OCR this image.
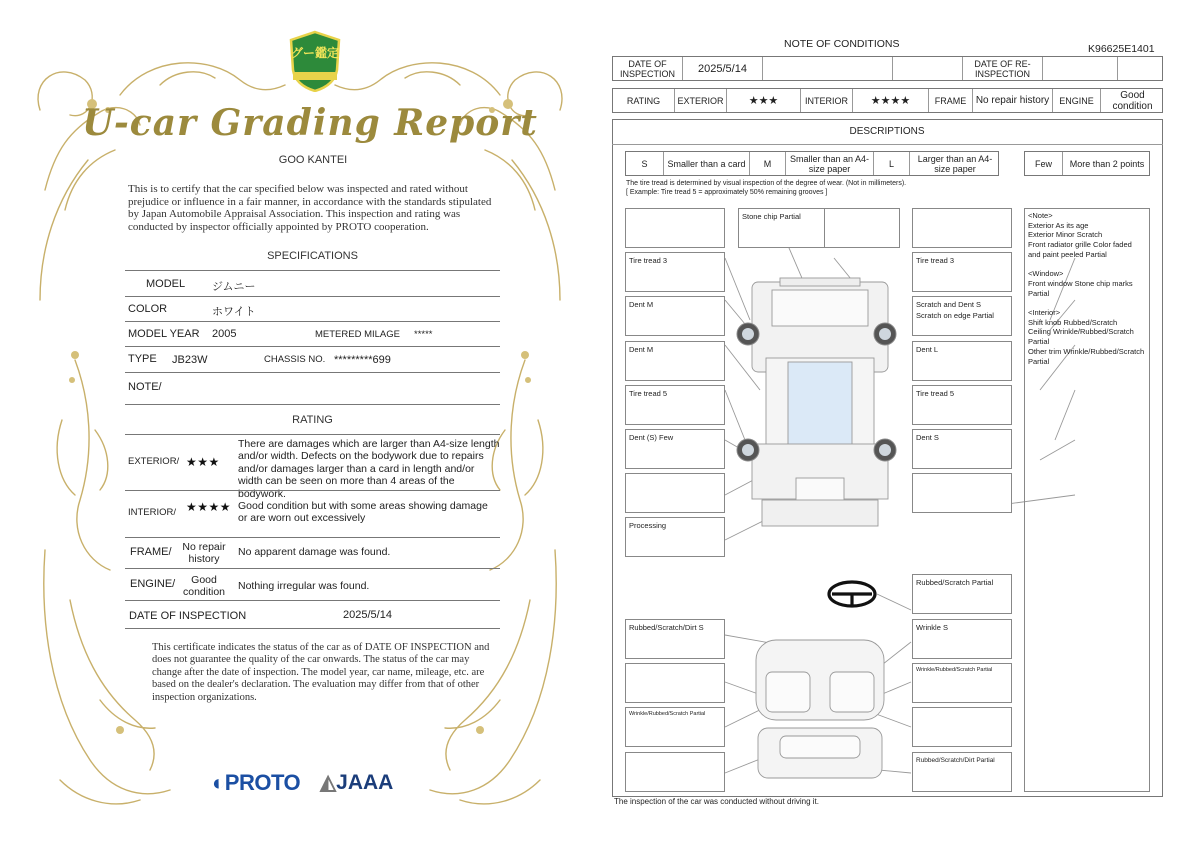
グー鑑定
U-car Grading Report
GOO KANTEI
This is to certify that the car specified below was inspected and rated without prejudice or influence in a fair manner, in accordance with the standards stipulated by Japan Automobile Appraisal Association. This inspection and rating was conducted by inspector officially appointed by PROTO cooperation.
SPECIFICATIONS
MODEL ジムニー
COLOR	ホワイト
MODEL YEAR 2005	METERED MILAGE *****
TYPE JB23W	CHASSIS NO. *********699
NOTE/
RATING
EXTERIOR/ ★★★
There are damages which are larger than A4-size length and/or width. Defects on the bodywork due to repairs and/or damages larger than a card in length and/or width can be seen on more than 4 areas of the bodywork.
INTERIOR/ ★★★★ Good condition but with some areas showing damage or are worn out excessively
FRAME/	No repair history
No apparent damage was found.
ENGINE/	Good condition
Nothing irregular was found.
DATE OF INSPECTION	2025/5/14
This certificate indicates the status of the car as of DATE OF INSPECTION and does not guarantee the quality of the car onwards. The status of the car may change after the date of inspection. The model year, car name, mileage, etc. are based on the dealer's declaration. The evaluation may differ from that of other inspection organizations.
◐PROTO ◭JAAA
NOTE OF CONDITIONS	K96625E1401
DATE OF INSPECTION	2025/5/14	DATE OF RE-INSPECTION
RATING	EXTERIOR	★★★	INTERIOR	★★★★	FRAME No repair history	ENGINE	Good condition
DESCRIPTIONS
S	Smaller than a card	M	Smaller than an A4-size paper	L	Larger than an A4-size paper	Few	More than 2 points
The tire tread is determined by visual inspection of the degree of wear. (Not in millimeters).
[ Example: Tire tread 5 = approximately 50% remaining grooves ]
Stone chip Partial
Tire tread 3	Tire tread 3
Dent M	Scratch and Dent S Scratch on edge Partial
Dent M	Dent L
Tire tread 5	Tire tread 5
Dent (S) Few	Dent S
Processing
Rubbed/Scratch Partial
Rubbed/Scratch/Dirt S	Wrinkle S
Wrinkle/Rubbed/Scratch Partial
Wrinkle/Rubbed/Scratch Partial
Rubbed/Scratch/Dirt Partial

<Note>
Exterior As its age
Exterior Minor Scratch
Front radiator grille Color faded and paint peeled Partial

<Window>
Front window Stone chip marks Partial

<Interior>
Shift knob Rubbed/Scratch
Ceiling Wrinkle/Rubbed/Scratch Partial
Other trim Wrinkle/Rubbed/Scratch Partial

The inspection of the car was conducted without driving it.
